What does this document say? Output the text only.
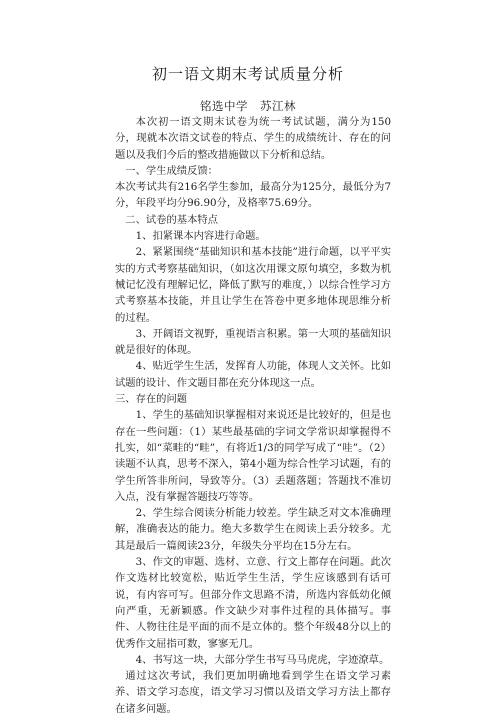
初一语文期末考试质量分析
铭选中学　苏江林

本次初一语文期末试卷为统一考试试题，满分为150分，现就本次语文试卷的特点、学生的成绩统计、存在的问题以及我们今后的整改措施做以下分析和总结。

一、学生成绩反馈：

本次考试共有216名学生参加，最高分为125分，最低分为7分，年段平均分96.90分，及格率75.69分。

二、试卷的基本特点

1、扣紧课本内容进行命题。

2、紧紧围绕“基础知识和基本技能”进行命题，以平平实实的方式考察基础知识，（如这次用课文原句填空，多数为机械记忆没有理解记忆，降低了默写的难度，）以综合性学习方式考察基本技能，并且让学生在答卷中更多地体现思维分析的过程。

3、开阔语文视野，重视语言积累。第一大项的基础知识就是很好的体现。

4、贴近学生生活，发挥育人功能，体现人文关怀。比如试题的设计、作文题目都在充分体现这一点。

三、存在的问题

1、学生的基础知识掌握相对来说还是比较好的，但是也存在一些问题：（1）某些最基础的字词文学常识却掌握得不扎实，如“菜畦的“畦”，有将近1/3的同学写成了“哇”。（2）读题不认真，思考不深入，第4小题为综合性学习试题，有的学生所答非所问，导致等分。（3）丢题落题；答题找不准切入点，没有掌握答题技巧等等。

2、学生综合阅读分析能力较差。学生缺乏对文本准确理解，准确表达的能力。绝大多数学生在阅读上丢分较多。尤其是最后一篇阅读23分，年级失分平均在15分左右。

3、作文的审题、选材、立意、行文上都存在问题。此次作文选材比较宽松，贴近学生生活，学生应该感到有话可说，有内容可写。但部分作文思路不清，所选内容低幼化倾向严重，无新颖感。作文缺少对事件过程的具体描写。事件、人物往往是平面的而不是立体的。整个年级48分以上的优秀作文屈指可数，寥寥无几。

4、书写这一块，大部分学生书写马马虎虎，字迹潦草。

通过这次考试，我们更加明确地看到学生在语文学习素养、语文学习态度，语文学习习惯以及语文学习方法上都存在诸多问题。
